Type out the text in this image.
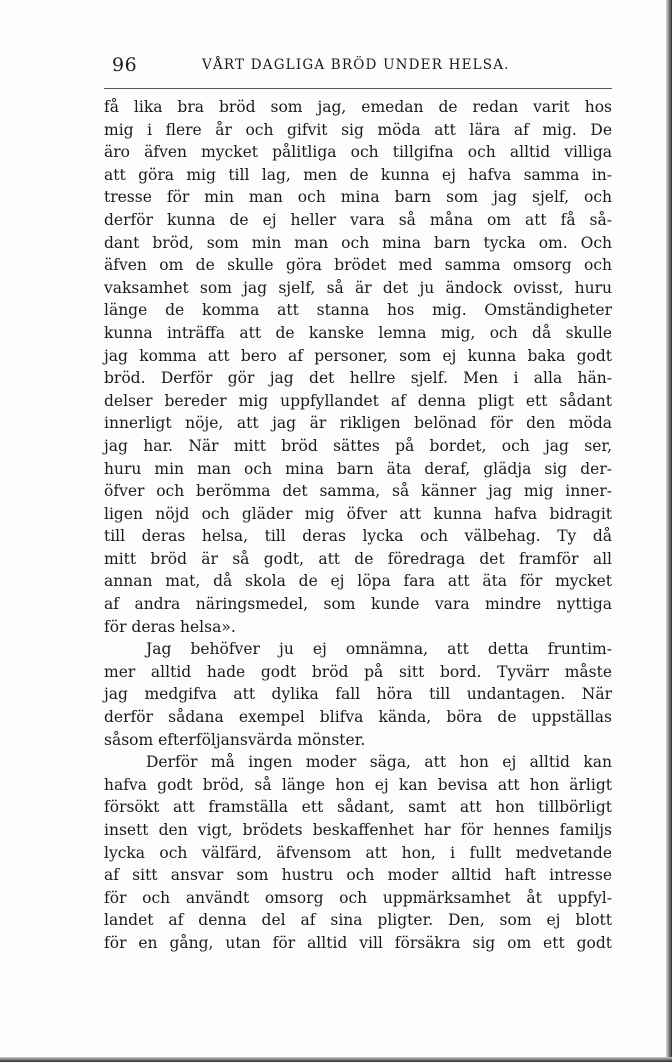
96	VÅRT DAGLIGA BRÖD UNDER HELSA.
få lika bra bröd som jag, emedan de redan varit hos
mig i flere år och gifvit sig möda att lära af mig. De
äro äfven mycket pålitliga och tillgifna och alltid villiga
att göra mig till lag, men de kunna ej hafva samma in-
tresse för min man och mina barn som jag sjelf, och
derför kunna de ej heller vara så måna om att få så-
dant bröd, som min man och mina barn tycka om. Och
äfven om de skulle göra brödet med samma omsorg och
vaksamhet som jag sjelf, så är det ju ändock ovisst, huru
länge de komma att stanna hos mig. Omständigheter
kunna inträffa att de kanske lemna mig, och då skulle
jag komma att bero af personer, som ej kunna baka godt
bröd. Derför gör jag det hellre sjelf. Men i alla hän-
delser bereder mig uppfyllandet af denna pligt ett sådant
innerligt nöje, att jag är rikligen belönad för den möda
jag har. När mitt bröd sättes på bordet, och jag ser,
huru min man och mina barn äta deraf, glädja sig der-
öfver och berömma det samma, så känner jag mig inner-
ligen nöjd och gläder mig öfver att kunna hafva bidragit
till deras helsa, till deras lycka och välbehag. Ty då
mitt bröd är så godt, att de föredraga det framför all
annan mat, då skola de ej löpa fara att äta för mycket
af andra näringsmedel, som kunde vara mindre nyttiga
för deras helsa».
Jag behöfver ju ej omnämna, att detta fruntim-
mer alltid hade godt bröd på sitt bord. Tyvärr måste
jag medgifva att dylika fall höra till undantagen. När
derför sådana exempel blifva kända, böra de uppställas
såsom efterföljansvärda mönster.
Derför må ingen moder säga, att hon ej alltid kan
hafva godt bröd, så länge hon ej kan bevisa att hon ärligt
försökt att framställa ett sådant, samt att hon tillbörligt
insett den vigt, brödets beskaffenhet har för hennes familjs
lycka och välfärd, äfvensom att hon, i fullt medvetande
af sitt ansvar som hustru och moder alltid haft intresse
för och användt omsorg och uppmärksamhet åt uppfyl-
landet af denna del af sina pligter. Den, som ej blott
för en gång, utan för alltid vill försäkra sig om ett godt
